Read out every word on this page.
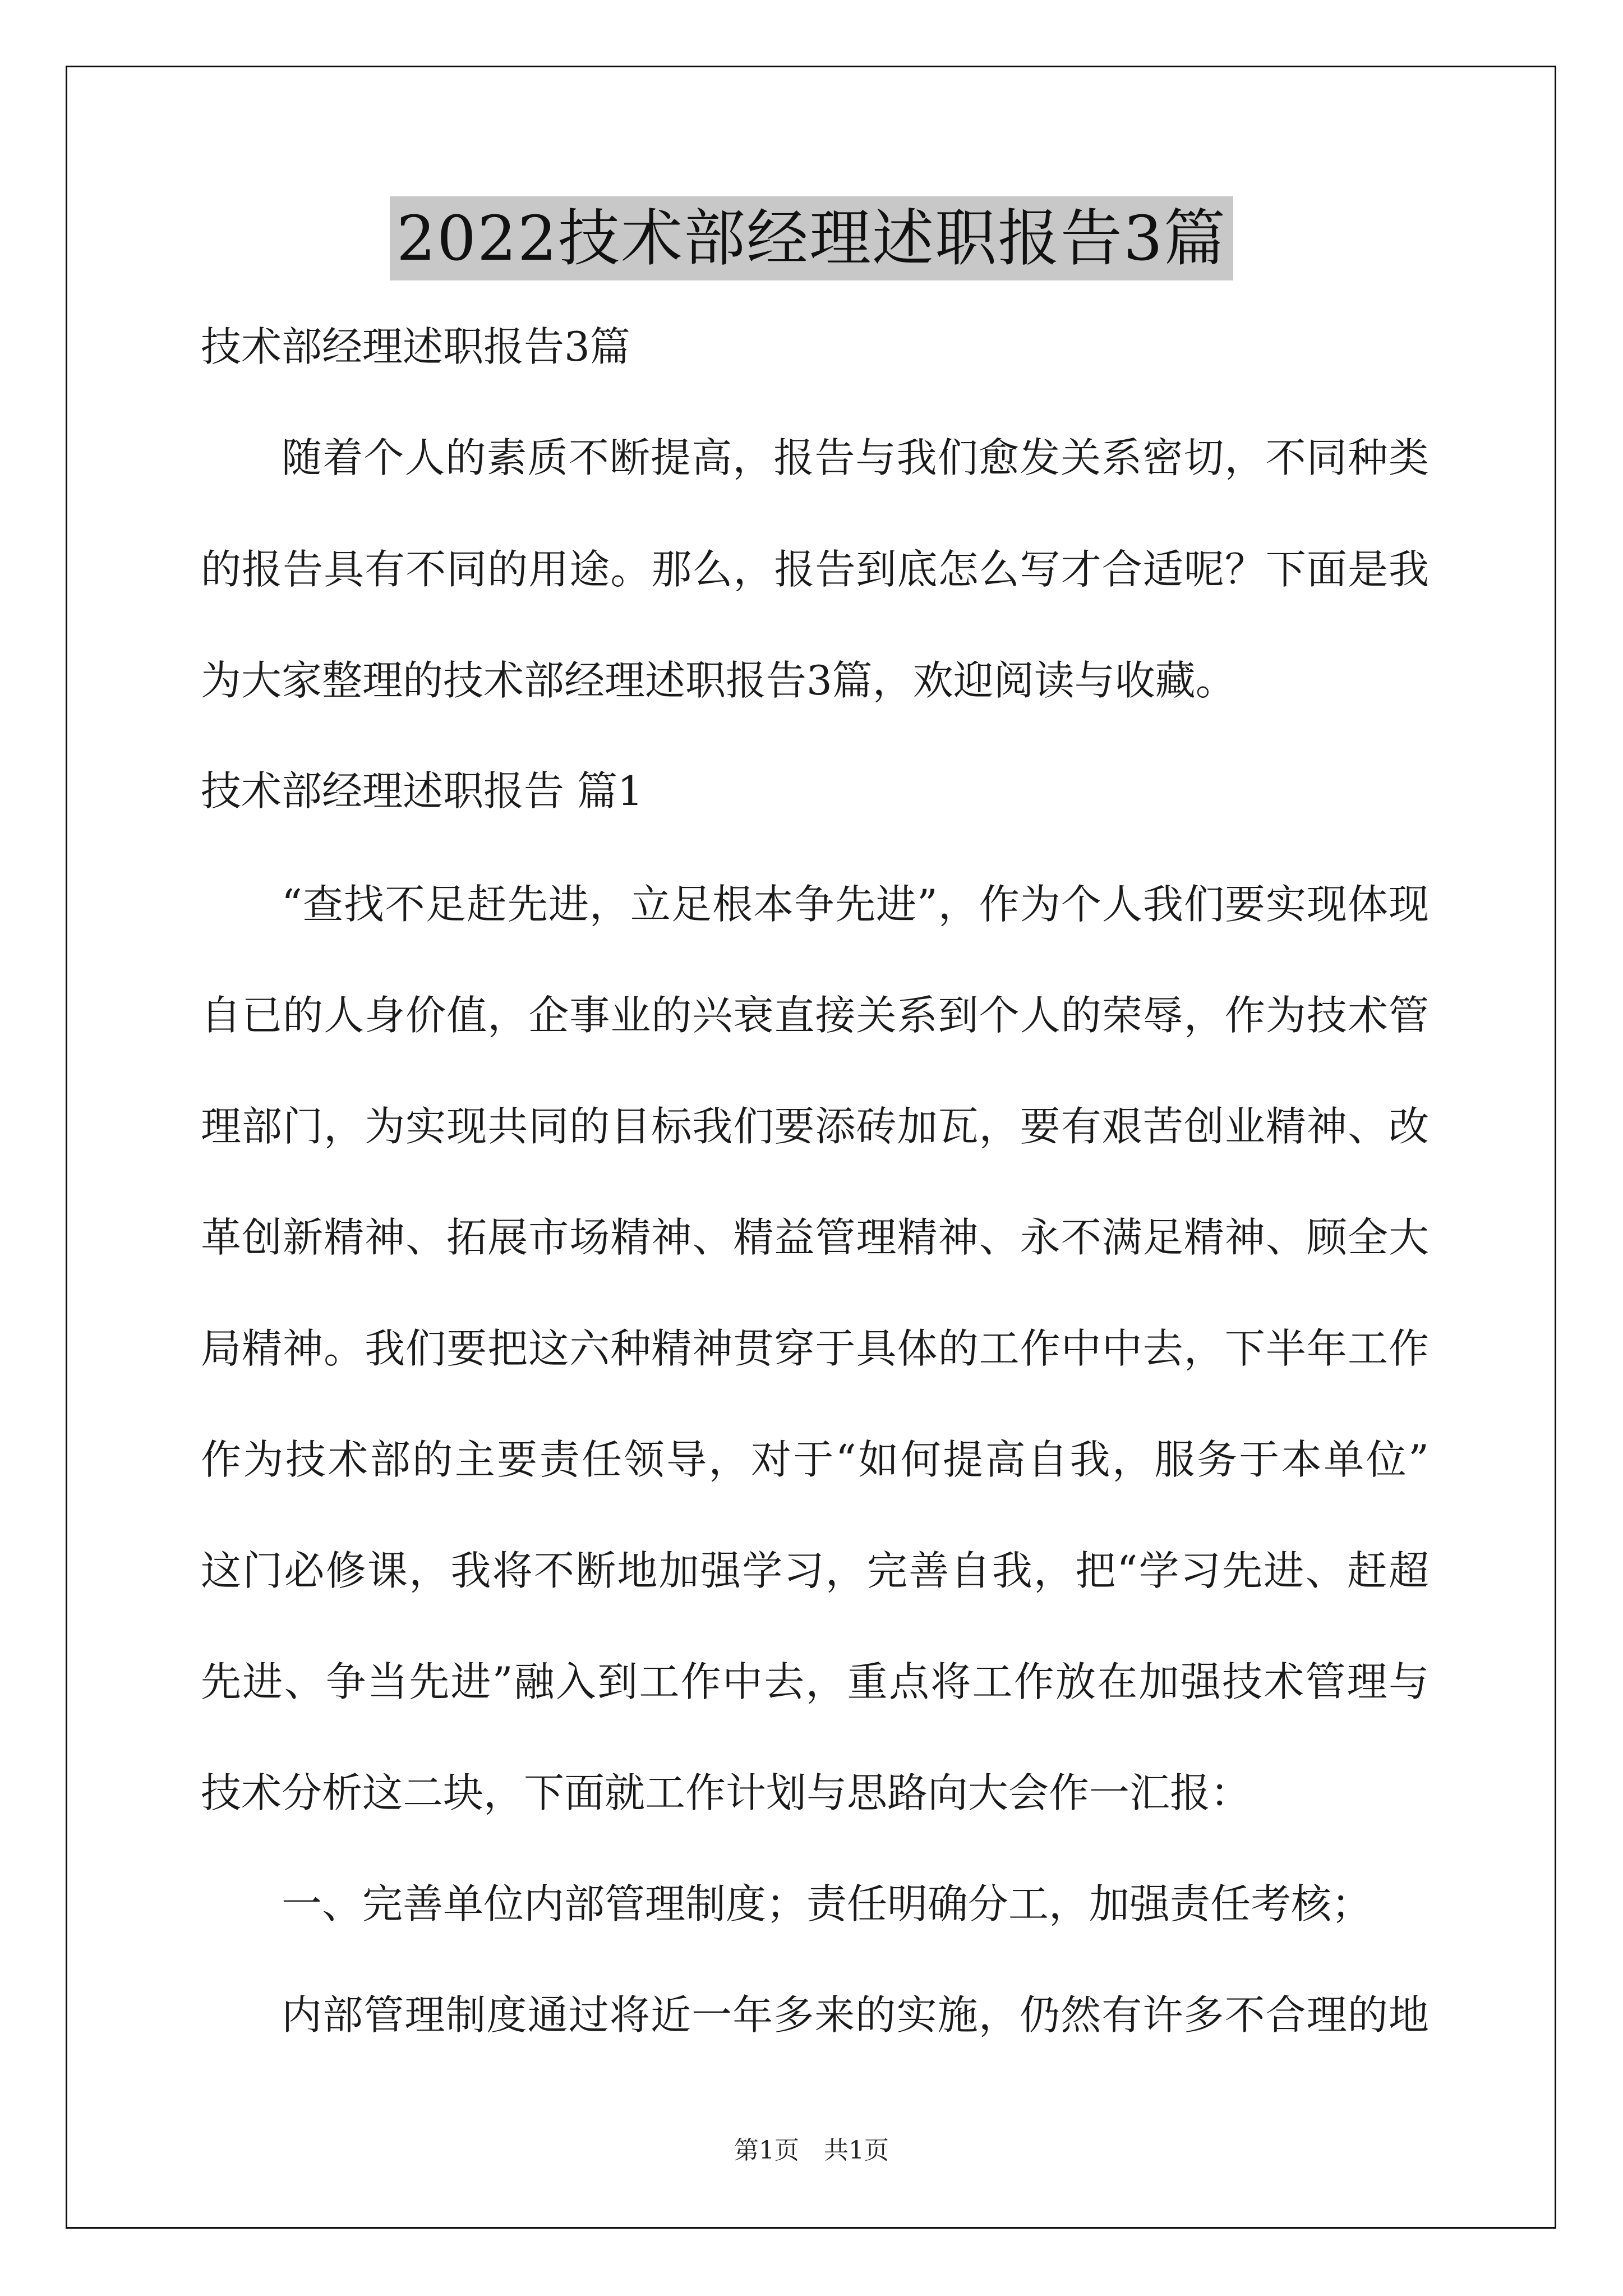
2022技术部经理述职报告3篇

技术部经理述职报告3篇

随着个人的素质不断提高，报告与我们愈发关系密切，不同种类

的报告具有不同的用途。那么，报告到底怎么写才合适呢？下面是我

为大家整理的技术部经理述职报告3篇，欢迎阅读与收藏。

技术部经理述职报告 篇1

“查找不足赶先进，立足根本争先进”，作为个人我们要实现体现

自已的人身价值，企事业的兴衰直接关系到个人的荣辱，作为技术管

理部门，为实现共同的目标我们要添砖加瓦，要有艰苦创业精神、改

革创新精神、拓展市场精神、精益管理精神、永不满足精神、顾全大

局精神。我们要把这六种精神贯穿于具体的工作中中去，下半年工作

作为技术部的主要责任领导，对于“如何提高自我，服务于本单位”

这门必修课，我将不断地加强学习，完善自我，把“学习先进、赶超

先进、争当先进”融入到工作中去，重点将工作放在加强技术管理与

技术分析这二块，下面就工作计划与思路向大会作一汇报：

一、完善单位内部管理制度；责任明确分工，加强责任考核；

内部管理制度通过将近一年多来的实施，仍然有许多不合理的地

第1页　共1页
